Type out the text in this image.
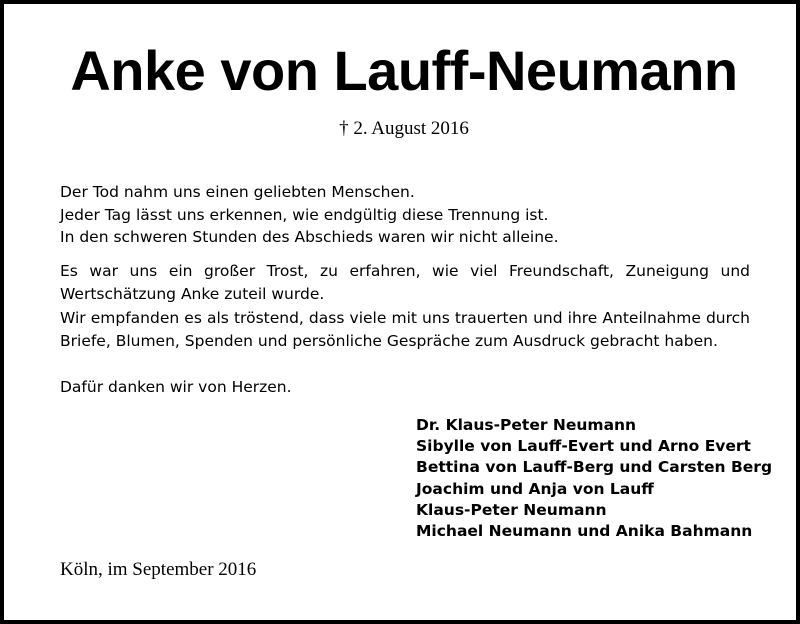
Anke von Lauff-Neumann
† 2. August 2016

Der Tod nahm uns einen geliebten Menschen.
Jeder Tag lässt uns erkennen, wie endgültig diese Trennung ist.
In den schweren Stunden des Abschieds waren wir nicht alleine.

Es war uns ein großer Trost, zu erfahren, wie viel Freundschaft, Zuneigung und Wertschätzung Anke zuteil wurde.

Wir empfanden es als tröstend, dass viele mit uns trauerten und ihre Anteilnahme durch Briefe, Blumen, Spenden und persönliche Gespräche zum Ausdruck gebracht haben.

Dafür danken wir von Herzen.

Dr. Klaus-Peter Neumann
Sibylle von Lauff-Evert und Arno Evert
Bettina von Lauff-Berg und Carsten Berg
Joachim und Anja von Lauff
Klaus-Peter Neumann
Michael Neumann und Anika Bahmann
Köln, im September 2016
